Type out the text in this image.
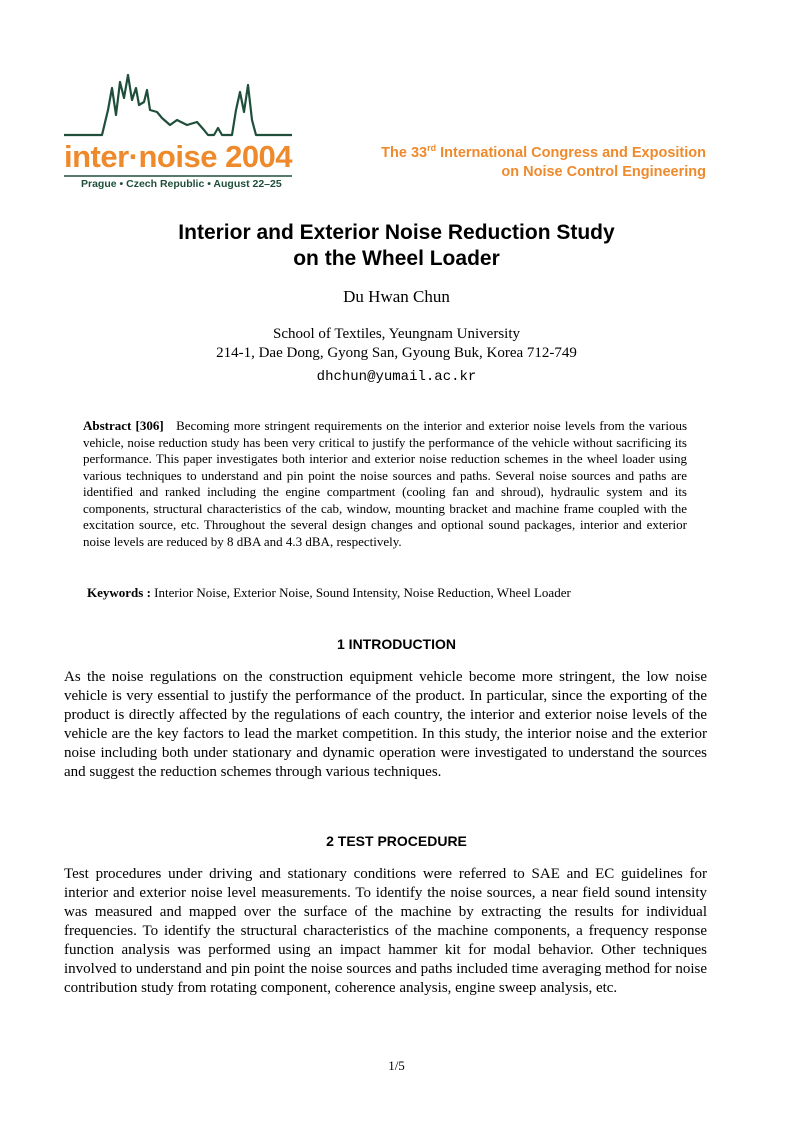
inter·noise 2004
Prague • Czech Republic • August 22–25
The 33rd International Congress and Exposition
on Noise Control Engineering
Interior and Exterior Noise Reduction Study
on the Wheel Loader
Du Hwan Chun
School of Textiles, Yeungnam University
214-1, Dae Dong, Gyong San, Gyoung Buk, Korea 712-749
dhchun@yumail.ac.kr
Abstract [306] Becoming more stringent requirements on the interior and exterior noise levels from the various vehicle, noise reduction study has been very critical to justify the performance of the vehicle without sacrificing its performance. This paper investigates both interior and exterior noise reduction schemes in the wheel loader using various techniques to understand and pin point the noise sources and paths. Several noise sources and paths are identified and ranked including the engine compartment (cooling fan and shroud), hydraulic system and its components, structural characteristics of the cab, window, mounting bracket and machine frame coupled with the excitation source, etc. Throughout the several design changes and optional sound packages, interior and exterior noise levels are reduced by 8 dBA and 4.3 dBA, respectively.
Keywords : Interior Noise, Exterior Noise, Sound Intensity, Noise Reduction, Wheel Loader
1 INTRODUCTION
As the noise regulations on the construction equipment vehicle become more stringent, the low noise vehicle is very essential to justify the performance of the product. In particular, since the exporting of the product is directly affected by the regulations of each country, the interior and exterior noise levels of the vehicle are the key factors to lead the market competition. In this study, the interior noise and the exterior noise including both under stationary and dynamic operation were investigated to understand the sources and suggest the reduction schemes through various techniques.
2 TEST PROCEDURE
Test procedures under driving and stationary conditions were referred to SAE and EC guidelines for interior and exterior noise level measurements. To identify the noise sources, a near field sound intensity was measured and mapped over the surface of the machine by extracting the results for individual frequencies. To identify the structural characteristics of the machine components, a frequency response function analysis was performed using an impact hammer kit for modal behavior. Other techniques involved to understand and pin point the noise sources and paths included time averaging method for noise contribution study from rotating component, coherence analysis, engine sweep analysis, etc.
1/5
